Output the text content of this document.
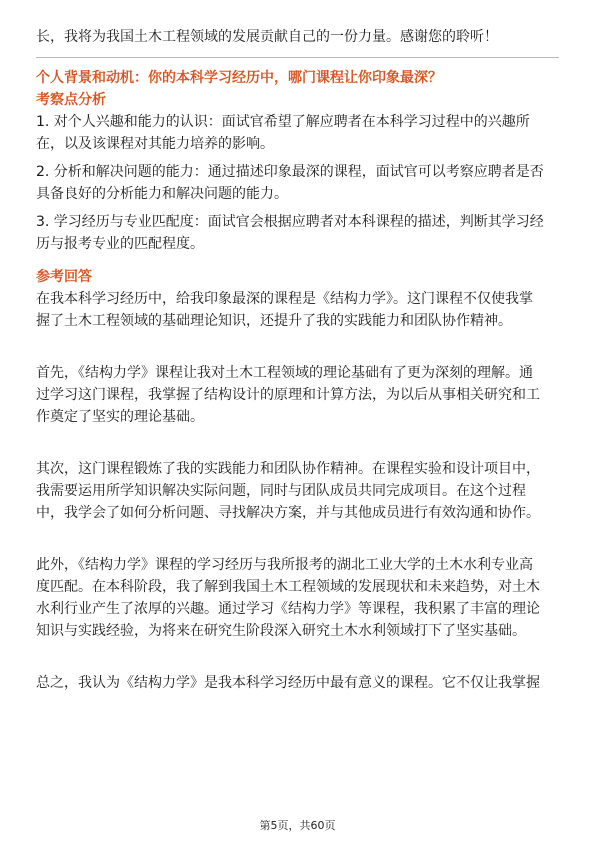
长，我将为我国土木工程领域的发展贡献自己的一份力量。感谢您的聆听！

个人背景和动机：你的本科学习经历中，哪门课程让你印象最深？

考察点分析

1. 对个人兴趣和能力的认识：面试官希望了解应聘者在本科学习过程中的兴趣所

在，以及该课程对其能力培养的影响。

2. 分析和解决问题的能力：通过描述印象最深的课程，面试官可以考察应聘者是否

具备良好的分析能力和解决问题的能力。

3. 学习经历与专业匹配度：面试官会根据应聘者对本科课程的描述，判断其学习经

历与报考专业的匹配程度。

参考回答

在我本科学习经历中，给我印象最深的课程是《结构力学》。这门课程不仅使我掌

握了土木工程领域的基础理论知识，还提升了我的实践能力和团队协作精神。

首先，《结构力学》课程让我对土木工程领域的理论基础有了更为深刻的理解。通

过学习这门课程，我掌握了结构设计的原理和计算方法，为以后从事相关研究和工

作奠定了坚实的理论基础。

其次，这门课程锻炼了我的实践能力和团队协作精神。在课程实验和设计项目中，

我需要运用所学知识解决实际问题，同时与团队成员共同完成项目。在这个过程

中，我学会了如何分析问题、寻找解决方案，并与其他成员进行有效沟通和协作。

此外，《结构力学》课程的学习经历与我所报考的湖北工业大学的土木水利专业高

度匹配。在本科阶段，我了解到我国土木工程领域的发展现状和未来趋势，对土木

水利行业产生了浓厚的兴趣。通过学习《结构力学》等课程，我积累了丰富的理论

知识与实践经验，为将来在研究生阶段深入研究土木水利领域打下了坚实基础。

总之，我认为《结构力学》是我本科学习经历中最有意义的课程。它不仅让我掌握

第5页，共60页
